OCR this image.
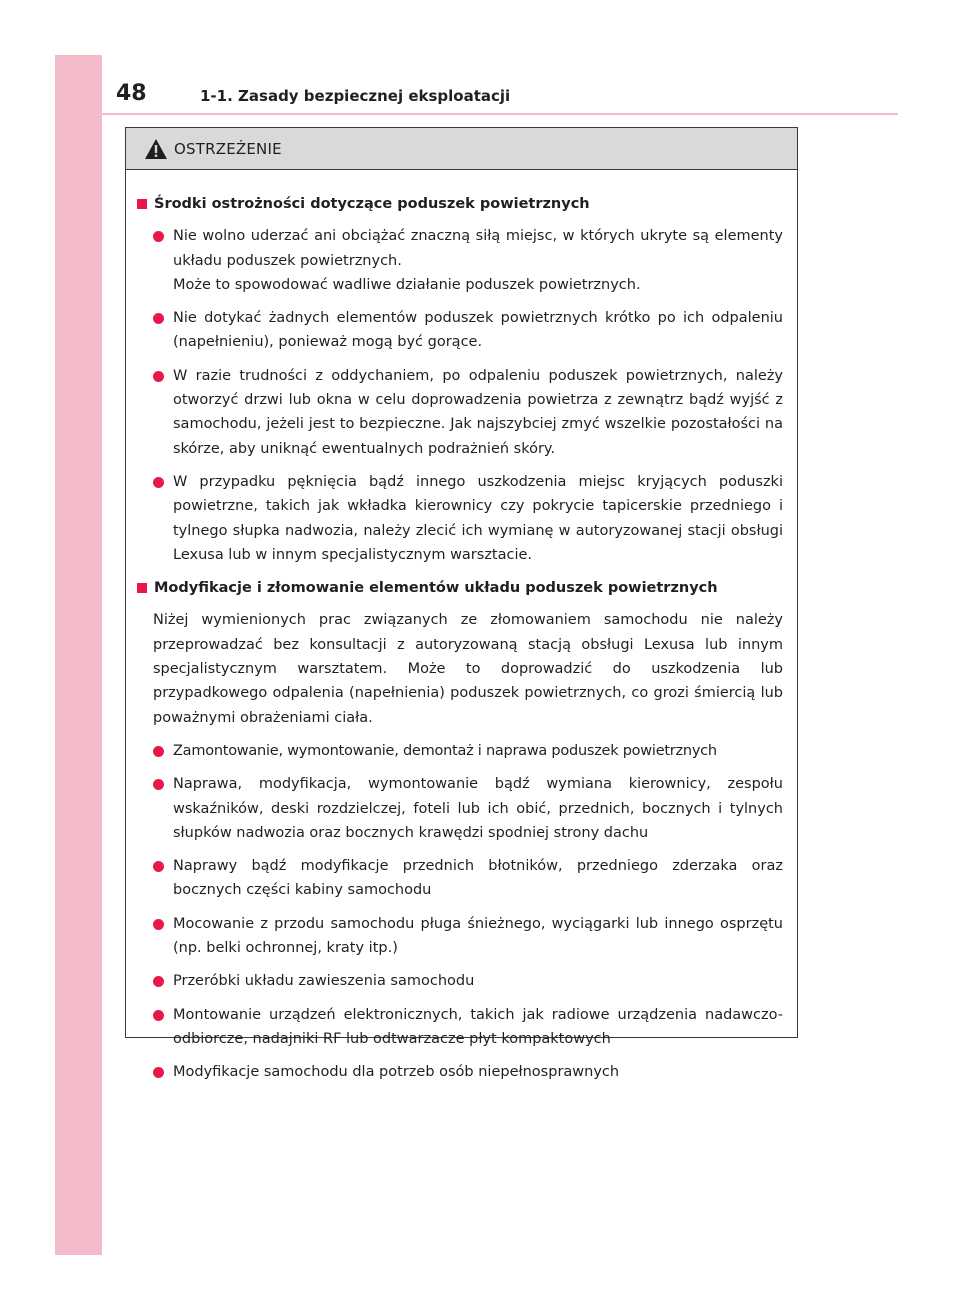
48	1-1. Zasady bezpiecznej eksploatacji
OSTRZEŻENIE
Środki ostrożności dotyczące poduszek powietrznych
Nie wolno uderzać ani obciążać znaczną siłą miejsc, w których ukryte są elementy układu poduszek powietrznych.
Może to spowodować wadliwe działanie poduszek powietrznych.
Nie dotykać żadnych elementów poduszek powietrznych krótko po ich odpaleniu (napełnieniu), ponieważ mogą być gorące.
W razie trudności z oddychaniem, po odpaleniu poduszek powietrznych, należy otworzyć drzwi lub okna w celu doprowadzenia powietrza z zewnątrz bądź wyjść z samochodu, jeżeli jest to bezpieczne. Jak najszybciej zmyć wszelkie pozostałości na skórze, aby uniknąć ewentualnych podrażnień skóry.
W przypadku pęknięcia bądź innego uszkodzenia miejsc kryjących poduszki powietrzne, takich jak wkładka kierownicy czy pokrycie tapicerskie przedniego i tylnego słupka nadwozia, należy zlecić ich wymianę w autoryzowanej stacji obsługi Lexusa lub w innym specjalistycznym warsztacie.
Modyfikacje i złomowanie elementów układu poduszek powietrznych
Niżej wymienionych prac związanych ze złomowaniem samochodu nie należy przeprowadzać bez konsultacji z autoryzowaną stacją obsługi Lexusa lub innym specjalistycznym warsztatem. Może to doprowadzić do uszkodzenia lub przypadkowego odpalenia (napełnienia) poduszek powietrznych, co grozi śmiercią lub poważnymi obrażeniami ciała.
Zamontowanie, wymontowanie, demontaż i naprawa poduszek powietrznych
Naprawa, modyfikacja, wymontowanie bądź wymiana kierownicy, zespołu wskaźników, deski rozdzielczej, foteli lub ich obić, przednich, bocznych i tylnych słupków nadwozia oraz bocznych krawędzi spodniej strony dachu
Naprawy bądź modyfikacje przednich błotników, przedniego zderzaka oraz bocznych części kabiny samochodu
Mocowanie z przodu samochodu pługa śnieżnego, wyciągarki lub innego osprzętu (np. belki ochronnej, kraty itp.)
Przeróbki układu zawieszenia samochodu
Montowanie urządzeń elektronicznych, takich jak radiowe urządzenia nadawczo-odbiorcze, nadajniki RF lub odtwarzacze płyt kompaktowych
Modyfikacje samochodu dla potrzeb osób niepełnosprawnych
